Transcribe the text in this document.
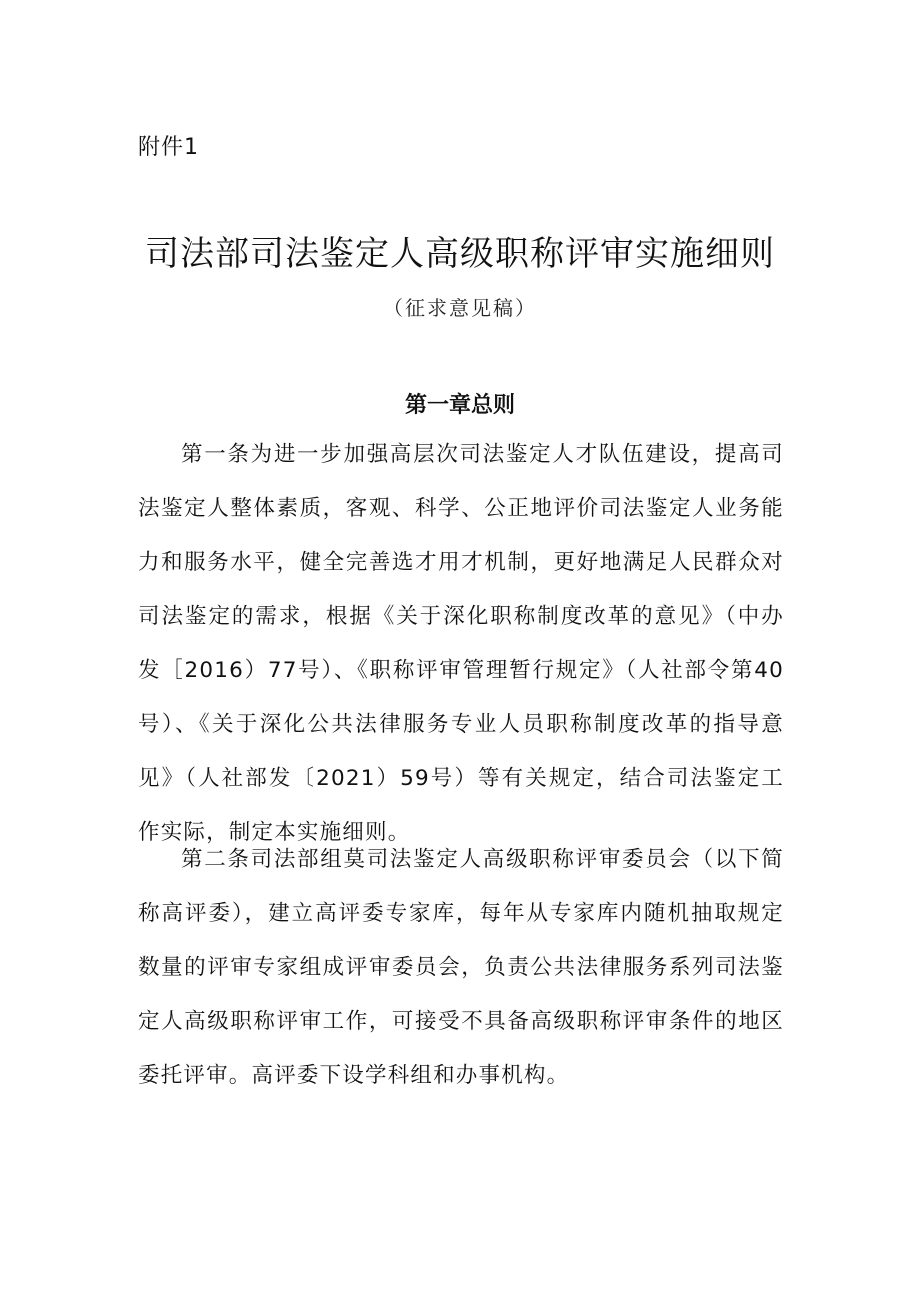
附件1
司法部司法鉴定人高级职称评审实施细则
（征求意见稿）
第一章总则

第一条为进一步加强高层次司法鉴定人才队伍建设，提高司法鉴定人整体素质，客观、科学、公正地评价司法鉴定人业务能力和服务水平，健全完善选才用才机制，更好地满足人民群众对司法鉴定的需求，根据《关于深化职称制度改革的意见》（中办发［2016）77号）、《职称评审管理暂行规定》（人社部令第40号）、《关于深化公共法律服务专业人员职称制度改革的指导意见》（人社部发〔2021）59号）等有关规定，结合司法鉴定工作实际，制定本实施细则。

第二条司法部组莫司法鉴定人高级职称评审委员会（以下简称高评委），建立高评委专家库，每年从专家库内随机抽取规定数量的评审专家组成评审委员会，负责公共法律服务系列司法鉴定人高级职称评审工作，可接受不具备高级职称评审条件的地区委托评审。高评委下设学科组和办事机构。
